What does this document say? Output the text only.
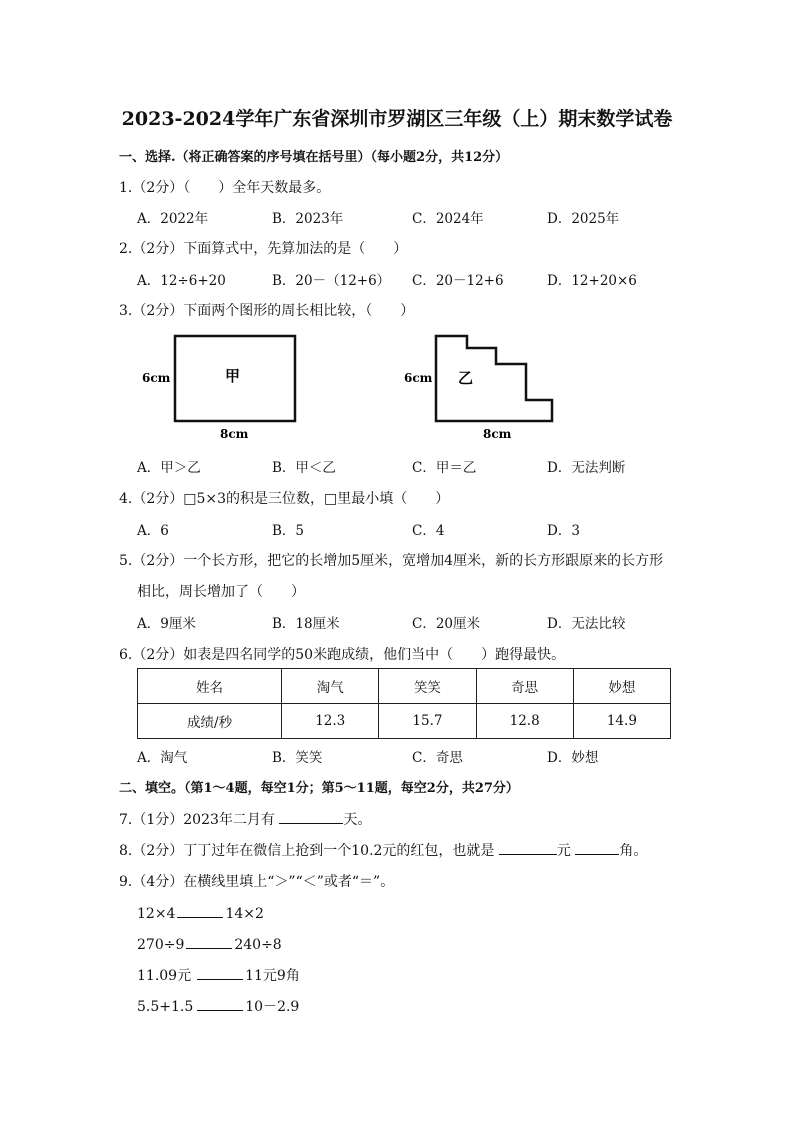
2023-2024学年广东省深圳市罗湖区三年级（上）期末数学试卷
一、选择.（将正确答案的序号填在括号里）（每小题2分，共12分）
1.（2分）（　　）全年天数最多。
A．2022年	B．2023年	C．2024年	D．2025年
2.（2分）下面算式中，先算加法的是（　　）
A．12÷6+20	B．20－（12+6） C．20－12+6	D．12+20×6
3.（2分）下面两个图形的周长相比较，（　　）
甲
6cm
8cm
乙
6cm
8cm
A．甲＞乙	B．甲＜乙	C．甲＝乙	D．无法判断
4.（2分）□5×3的积是三位数，□里最小填（　　）
A．6	B．5	C．4	D．3
5.（2分）一个长方形，把它的长增加5厘米，宽增加4厘米，新的长方形跟原来的长方形
相比，周长增加了（　　）
A．9厘米	B．18厘米	C．20厘米	D．无法比较
6.（2分）如表是四名同学的50米跑成绩，他们当中（　　）跑得最快。
姓名	淘气	笑笑	奇思	妙想
成绩/秒	12.3	15.7	12.8	14.9
A．淘气	B．笑笑	C．奇思	D．妙想
二、填空。（第1～4题，每空1分；第5～11题，每空2分，共27分）
7.（1分）2023年二月有	天。
8.（2分）丁丁过年在微信上抢到一个10.2元的红包，也就是	元	角。
9.（4分）在横线里填上“＞”“＜”或者“＝”。
12×4	14×2
270÷9	240÷8
11.09元	11元9角
5.5+1.5	10－2.9
